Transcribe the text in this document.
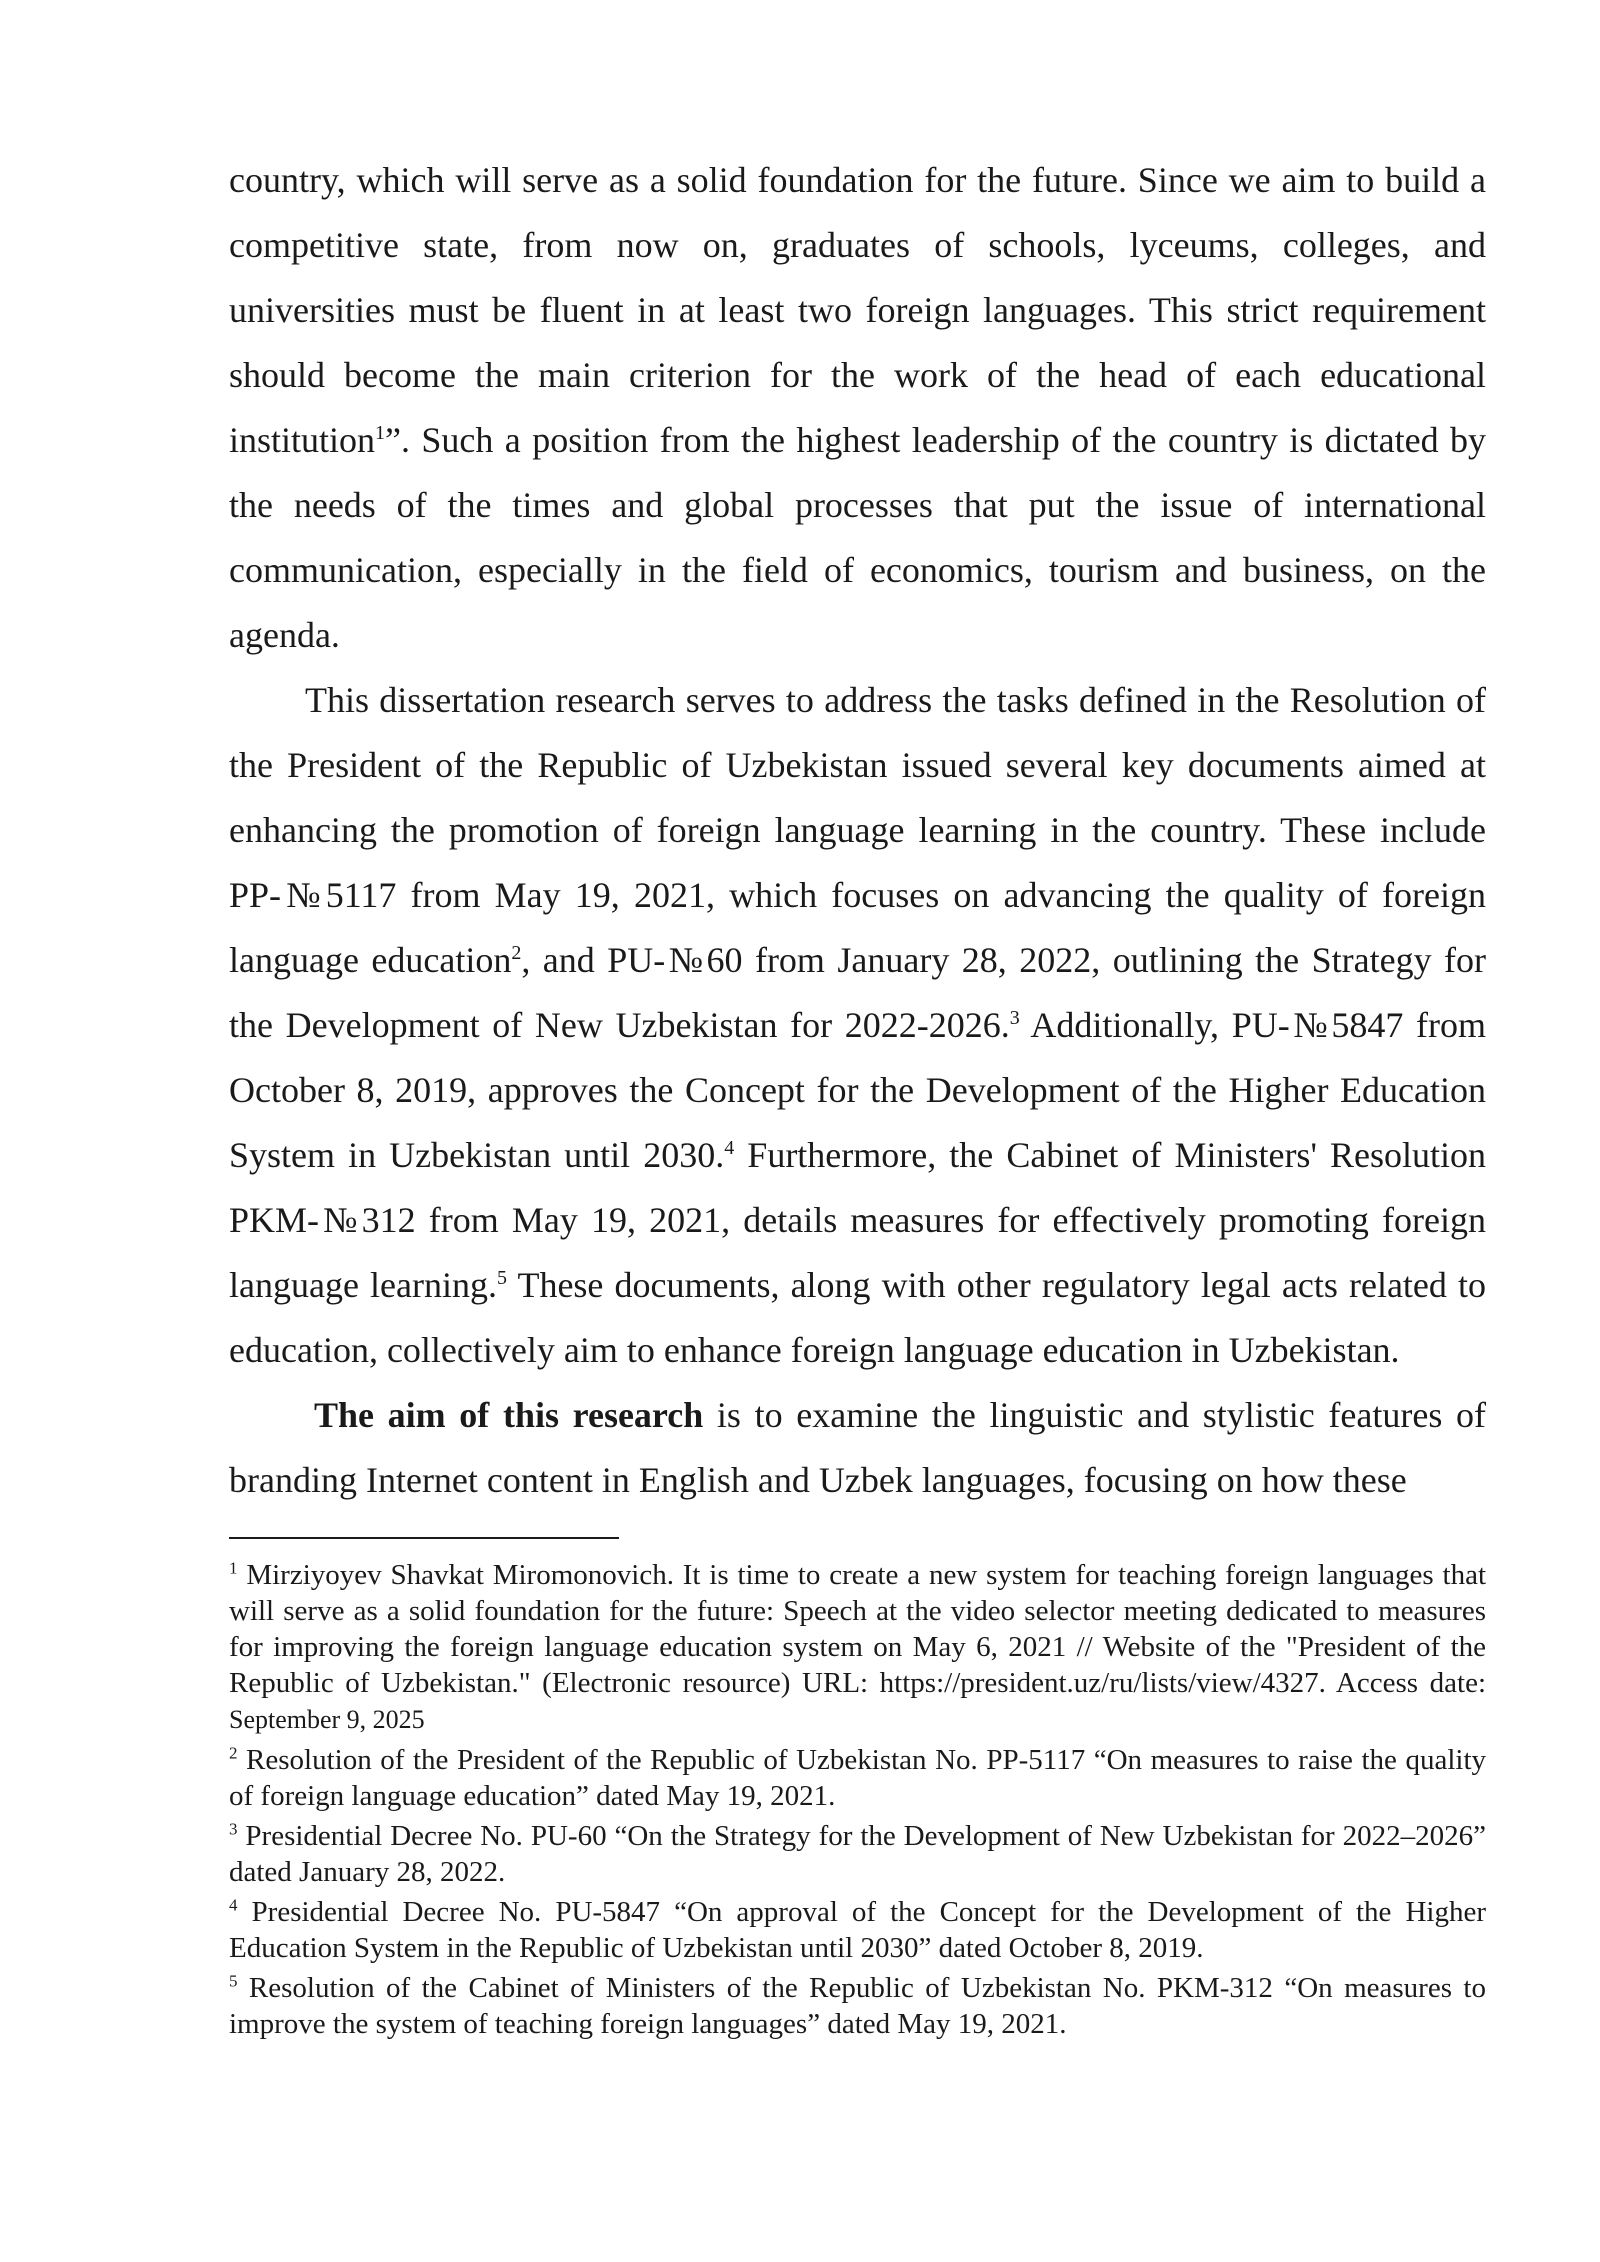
country, which will serve as a solid foundation for the future. Since we aim to build a competitive state, from now on, graduates of schools, lyceums, colleges, and universities must be fluent in at least two foreign languages. This strict requirement should become the main criterion for the work of the head of each educational institution$^1$”. Such a position from the highest leadership of the country is dictated by the needs of the times and global processes that put the issue of international communication, especially in the field of economics, tourism and business, on the agenda.

This dissertation research serves to address the tasks defined in the Resolution of the President of the Republic of Uzbekistan issued several key documents aimed at enhancing the promotion of foreign language learning in the country. These include PP-№5117 from May 19, 2021, which focuses on advancing the quality of foreign language education$^2$, and PU-№60 from January 28, 2022, outlining the Strategy for the Development of New Uzbekistan for 2022-2026.$^3$ Additionally, PU-№5847 from October 8, 2019, approves the Concept for the Development of the Higher Education System in Uzbekistan until 2030.$^4$ Furthermore, the Cabinet of Ministers' Resolution PKM-№312 from May 19, 2021, details measures for effectively promoting foreign language learning.$^5$ These documents, along with other regulatory legal acts related to education, collectively aim to enhance foreign language education in Uzbekistan.

The aim of this research is to examine the linguistic and stylistic features of branding Internet content in English and Uzbek languages, focusing on how these

$^1$ Mirziyoyev Shavkat Miromonovich. It is time to create a new system for teaching foreign languages that will serve as a solid foundation for the future: Speech at the video selector meeting dedicated to measures for improving the foreign language education system on May 6, 2021 // Website of the "President of the Republic of Uzbekistan." (Electronic resource) URL: https://president.uz/ru/lists/view/4327. Access date: September 9, 2025

$^2$ Resolution of the President of the Republic of Uzbekistan No. PP-5117 “On measures to raise the quality of foreign language education” dated May 19, 2021.

$^3$ Presidential Decree No. PU-60 “On the Strategy for the Development of New Uzbekistan for 2022–2026” dated January 28, 2022.

$^4$ Presidential Decree No. PU-5847 “On approval of the Concept for the Development of the Higher Education System in the Republic of Uzbekistan until 2030” dated October 8, 2019.

$^5$ Resolution of the Cabinet of Ministers of the Republic of Uzbekistan No. PKM-312 “On measures to improve the system of teaching foreign languages” dated May 19, 2021.
